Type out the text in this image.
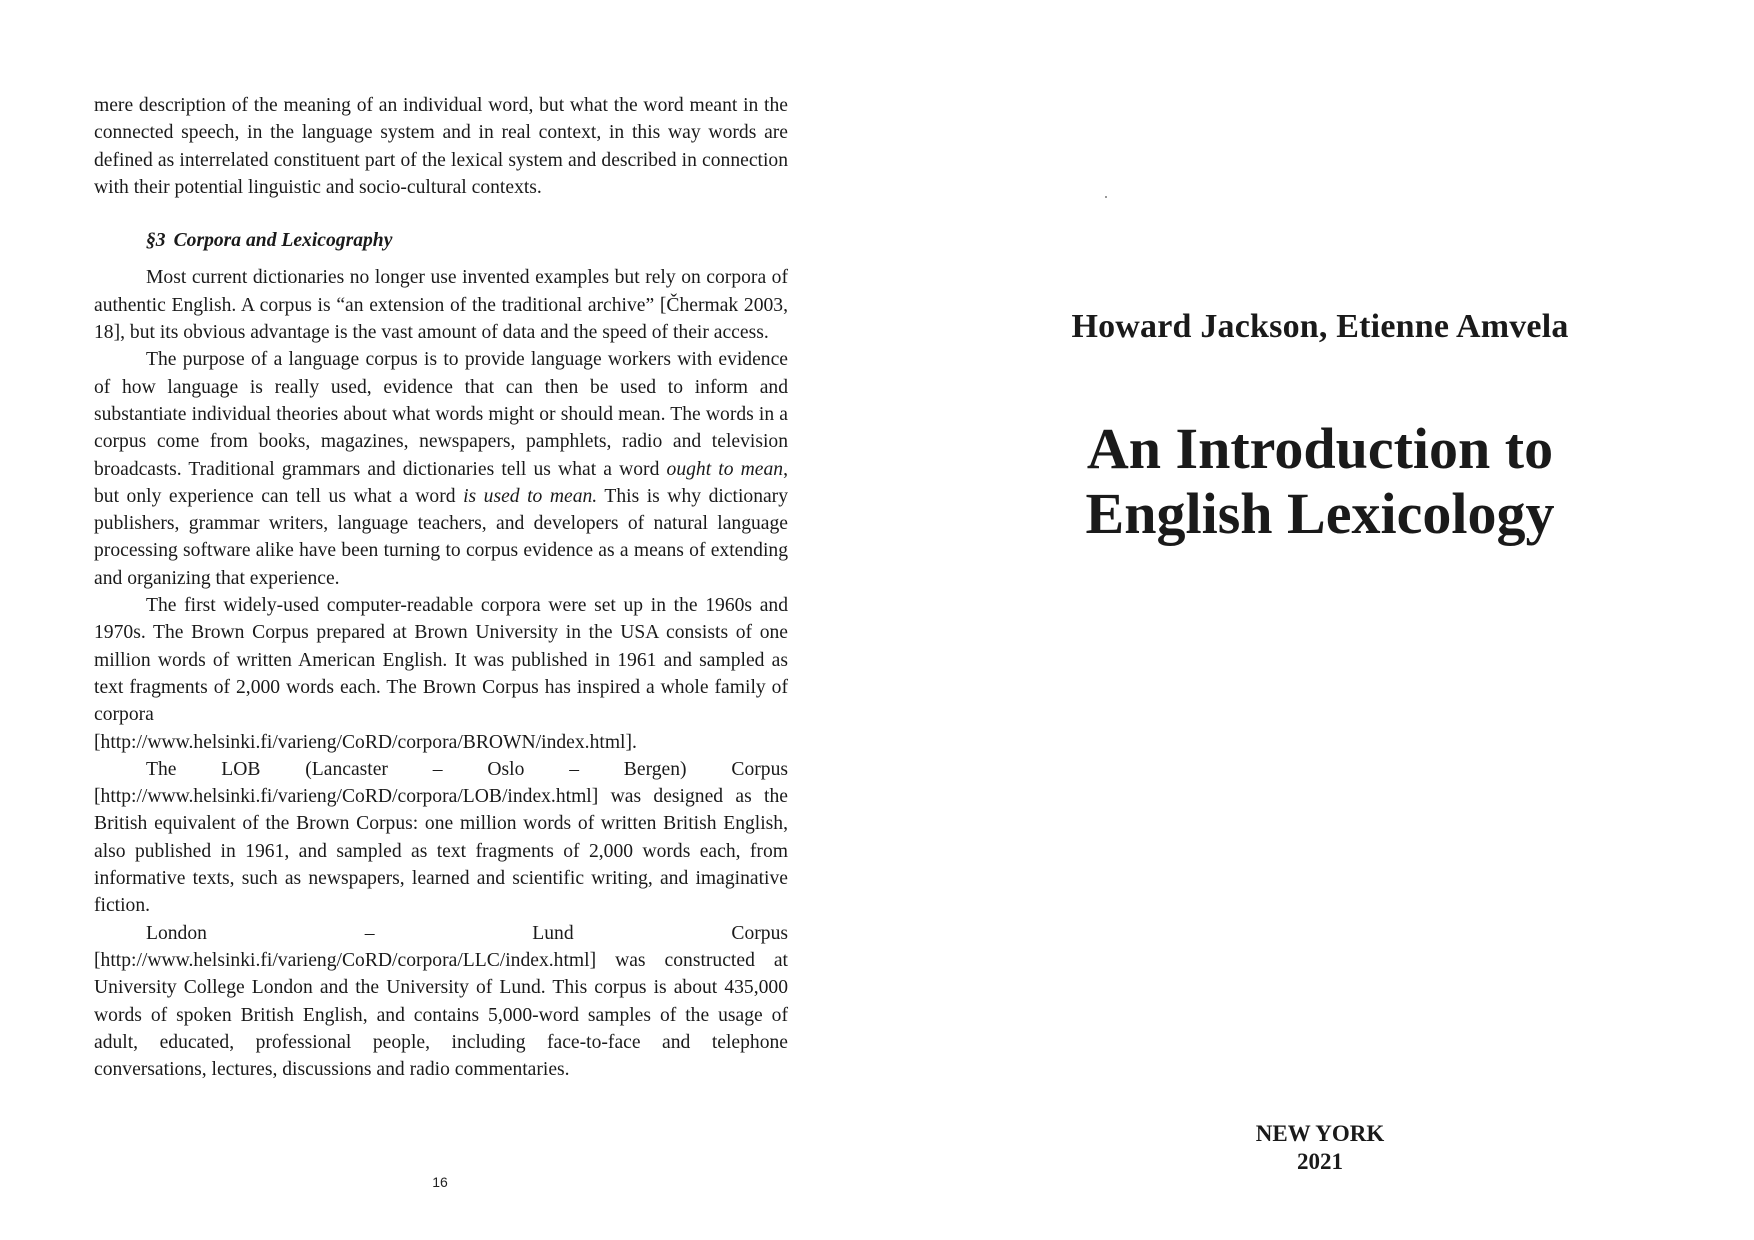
mere description of the meaning of an individual word, but what the word meant in the connected speech, in the language system and in real context, in this way words are defined as interrelated constituent part of the lexical system and described in connection with their potential linguistic and socio-cultural contexts.

§3 Corpora and Lexicography

Most current dictionaries no longer use invented examples but rely on corpora of authentic English. A corpus is “an extension of the traditional archive” [Čhermak 2003, 18], but its obvious advantage is the vast amount of data and the speed of their access.

The purpose of a language corpus is to provide language workers with evidence of how language is really used, evidence that can then be used to inform and substantiate individual theories about what words might or should mean. The words in a corpus come from books, magazines, newspapers, pamphlets, radio and television broadcasts. Traditional grammars and dictionaries tell us what a word ought to mean, but only experience can tell us what a word is used to mean. This is why dictionary publishers, grammar writers, language teachers, and developers of natural language processing software alike have been turning to corpus evidence as a means of extending and organizing that experience.

The first widely-used computer-readable corpora were set up in the 1960s and 1970s. The Brown Corpus prepared at Brown University in the USA consists of one million words of written American English. It was published in 1961 and sampled as text fragments of 2,000 words each. The Brown Corpus has inspired a whole family of corpora

[http://www.helsinki.fi/varieng/CoRD/corpora/BROWN/index.html].

The LOB (Lancaster – Oslo – Bergen) Corpus

[http://www.helsinki.fi/varieng/CoRD/corpora/LOB/index.html] was designed as the British equivalent of the Brown Corpus: one million words of written British English, also published in 1961, and sampled as text fragments of 2,000 words each, from informative texts, such as newspapers, learned and scientific writing, and imaginative fiction.

London – Lund Corpus

[http://www.helsinki.fi/varieng/CoRD/corpora/LLC/index.html] was constructed at University College London and the University of Lund. This corpus is about 435,000 words of spoken British English, and contains 5,000-word samples of the usage of adult, educated, professional people, including face-to-face and telephone conversations, lectures, discussions and radio commentaries.

16
Howard Jackson, Etienne Amvela
An Introduction to
English Lexicology
NEW YORK
2021
